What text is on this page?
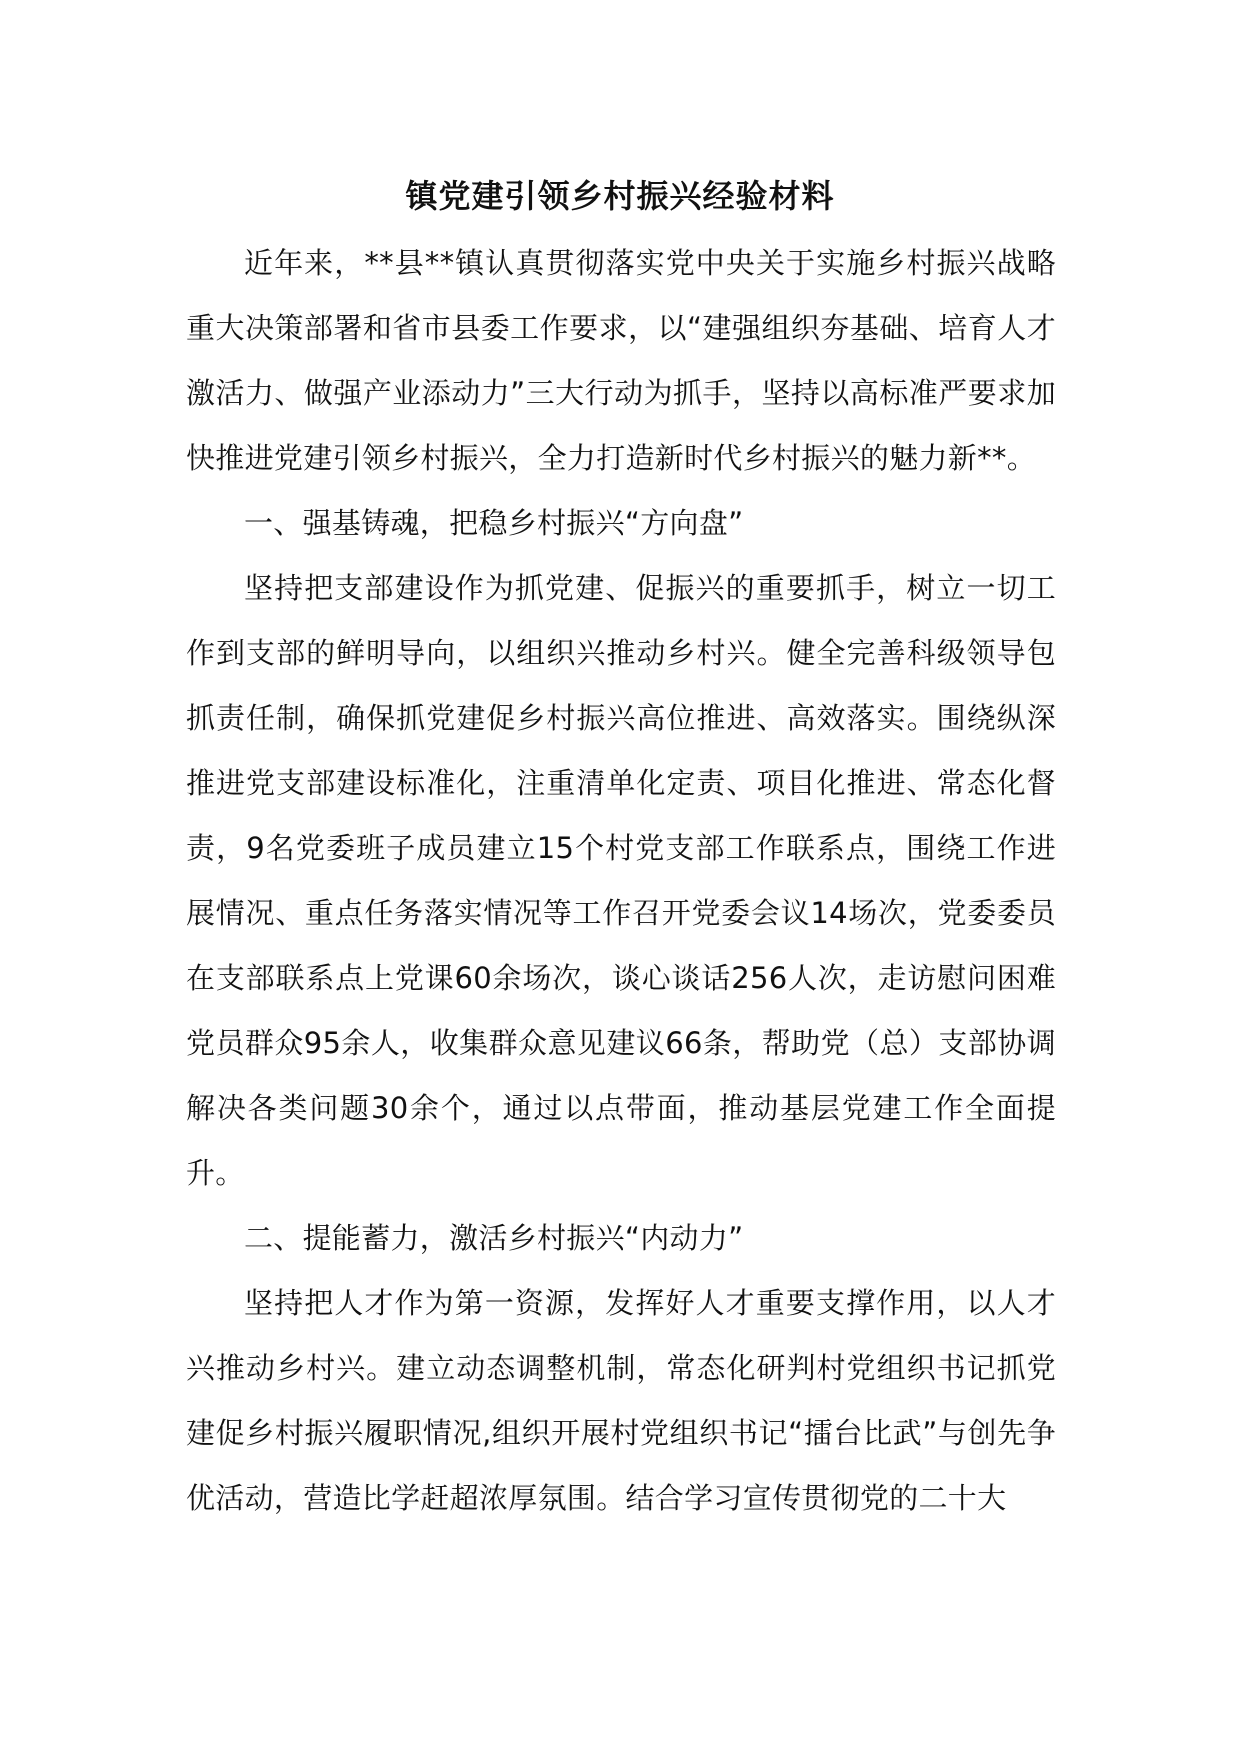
镇党建引领乡村振兴经验材料

近年来，**县**镇认真贯彻落实党中央关于实施乡村振兴战略重大决策部署和省市县委工作要求，以“建强组织夯基础、培育人才激活力、做强产业添动力”三大行动为抓手，坚持以高标准严要求加快推进党建引领乡村振兴，全力打造新时代乡村振兴的魅力新**。

一、强基铸魂，把稳乡村振兴“方向盘”

坚持把支部建设作为抓党建、促振兴的重要抓手，树立一切工作到支部的鲜明导向，以组织兴推动乡村兴。健全完善科级领导包抓责任制，确保抓党建促乡村振兴高位推进、高效落实。围绕纵深推进党支部建设标准化，注重清单化定责、项目化推进、常态化督责，9名党委班子成员建立15个村党支部工作联系点，围绕工作进展情况、重点任务落实情况等工作召开党委会议14场次，党委委员在支部联系点上党课60余场次，谈心谈话256人次，走访慰问困难党员群众95余人，收集群众意见建议66条，帮助党（总）支部协调解决各类问题30余个，通过以点带面，推动基层党建工作全面提升。

二、提能蓄力，激活乡村振兴“内动力”

坚持把人才作为第一资源，发挥好人才重要支撑作用，以人才兴推动乡村兴。建立动态调整机制，常态化研判村党组织书记抓党建促乡村振兴履职情况,组织开展村党组织书记“擂台比武”与创先争优活动，营造比学赶超浓厚氛围。结合学习宣传贯彻党的二十大
